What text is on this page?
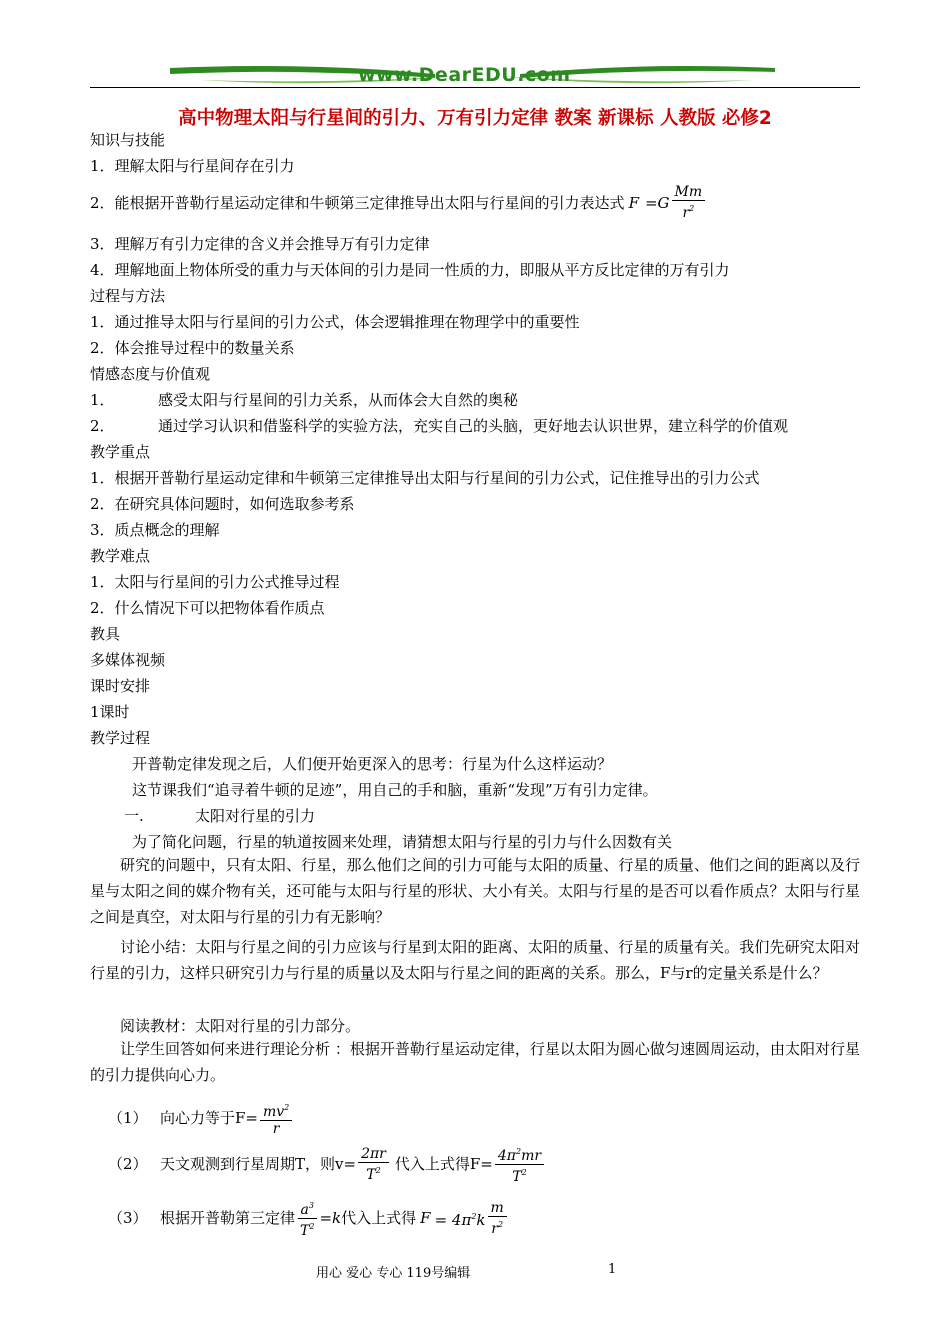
www.DearEDU.com
高中物理太阳与行星间的引力、万有引力定律 教案 新课标 人教版 必修2
知识与技能
1．理解太阳与行星间存在引力
2．能根据开普勒行星运动定律和牛顿第三定律推导出太阳与行星间的引力表达式 $F =G \frac{Mm}{r^2}$
3．理解万有引力定律的含义并会推导万有引力定律
4．理解地面上物体所受的重力与天体间的引力是同一性质的力，即服从平方反比定律的万有引力
过程与方法
1．通过推导太阳与行星间的引力公式，体会逻辑推理在物理学中的重要性
2．体会推导过程中的数量关系
情感态度与价值观
1．	感受太阳与行星间的引力关系，从而体会大自然的奥秘
2．	通过学习认识和借鉴科学的实验方法，充实自己的头脑，更好地去认识世界，建立科学的价值观
教学重点
1．根据开普勒行星运动定律和牛顿第三定律推导出太阳与行星间的引力公式，记住推导出的引力公式
2．在研究具体问题时，如何选取参考系
3．质点概念的理解
教学难点
1．太阳与行星间的引力公式推导过程
2．什么情况下可以把物体看作质点
教具
多媒体视频
课时安排
1课时
教学过程
开普勒定律发现之后，人们便开始更深入的思考：行星为什么这样运动？
这节课我们“追寻着牛顿的足迹”，用自己的手和脑，重新“发现”万有引力定律。
一.	太阳对行星的引力
为了简化问题，行星的轨道按圆来处理，请猜想太阳与行星的引力与什么因数有关
研究的问题中，只有太阳、行星，那么他们之间的引力可能与太阳的质量、行星的质量、他们之间的距离以及行星与太阳之间的媒介物有关，还可能与太阳与行星的形状、大小有关。太阳与行星的是否可以看作质点？太阳与行星之间是真空，对太阳与行星的引力有无影响？
讨论小结：太阳与行星之间的引力应该与行星到太阳的距离、太阳的质量、行星的质量有关。我们先研究太阳对行星的引力，这样只研究引力与行星的质量以及太阳与行星之间的距离的关系。那么，F与r的定量关系是什么？
阅读教材：太阳对行星的引力部分。
让学生回答如何来进行理论分析 ：根据开普勒行星运动定律，行星以太阳为圆心做匀速圆周运动，由太阳对行星的引力提供向心力。
（1） 向心力等于$F= \frac{mv^2}{r}$
（2） 天文观测到行星周期T，则$v= \frac{2\pi r}{T^2}$ 代入上式得$F= \frac{4\pi^2mr}{T^2}$
（3） 根据开普勒第三定律 $\frac{a^3}{T^2} =k$ 代入上式得 $F = 4\pi^2k \frac{m}{r^2}$
用心 爱心 专心 119号编辑	1
